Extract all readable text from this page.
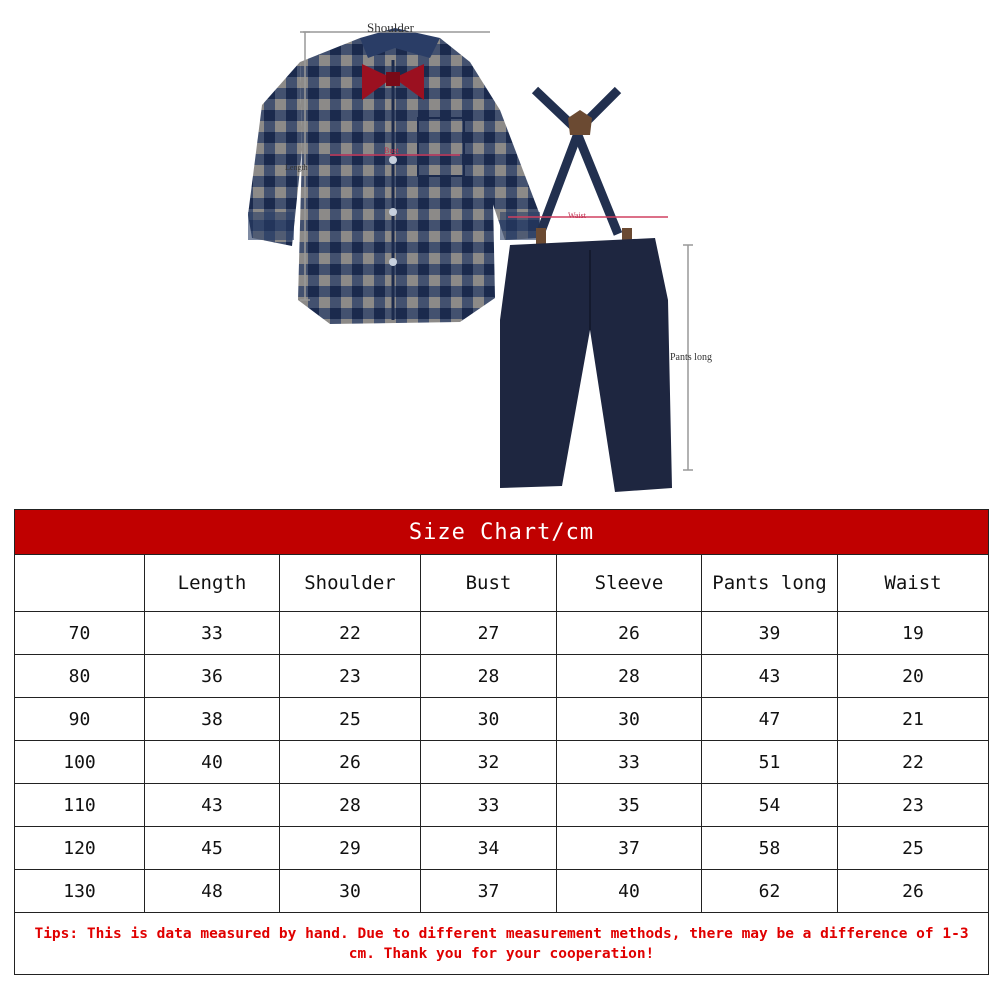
Shoulder
Bust
Length
Waist
Pants long
Size Chart/cm						
	Length	Shoulder	Bust	Sleeve	Pants long	Waist
70	33	22	27	26	39	19
80	36	23	28	28	43	20
90	38	25	30	30	47	21
100	40	26	32	33	51	22
110	43	28	33	35	54	23
120	45	29	34	37	58	25
130	48	30	37	40	62	26
Tips: This is data measured by hand. Due to different measurement methods, there may be a difference of 1-3 cm. Thank you for your cooperation!						
